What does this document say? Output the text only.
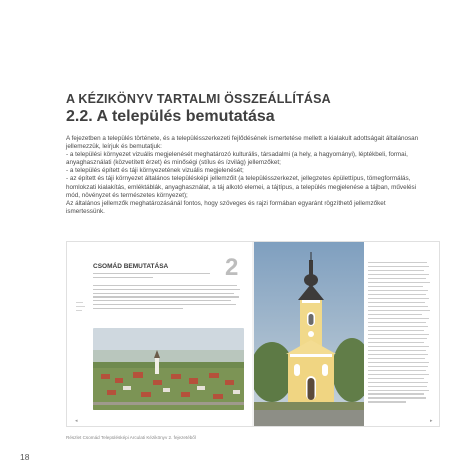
A KÉZIKÖNYV TARTALMI ÖSSZEÁLLÍTÁSA
2.2. A település bemutatása

A fejezetben a település története, és a településszerkezeti fejlődésének ismertetése mellett a kialakult adottságait általánosan jellemezzük, leírjuk és bemutatjuk:

- a települési környezet vizuális megjelenését meghatározó kulturális, társadalmi (a hely, a hagyományi), léptékbeli, formai, anyaghasználati (közvetített érzet) és minőségi (stílus és ízvilág) jellemzőket;

- a település épített és táji környezetének vizuális megjelenését;

- az épített és táji környezet általános településképi jellemzőit (a településszerkezet, jellegzetes épülettípus, tömegformálás, homlokzati kialakítás, emléktáblák, anyaghasználat, a táj alkotó elemei, a tájtípus, a település megjelenése a tájban, művelési mód, növényzet és természetes környezet);

Az általános jellemzők meghatározásánál fontos, hogy szöveges és rajzi formában egyaránt rögzíthető jellemzőket ismertessünk.

2
CSOMÁD BEMUTATÁSA
◂	▸
Részlet Csomád Településképi Arculati Kézikönyv 2. fejezetéből
18
